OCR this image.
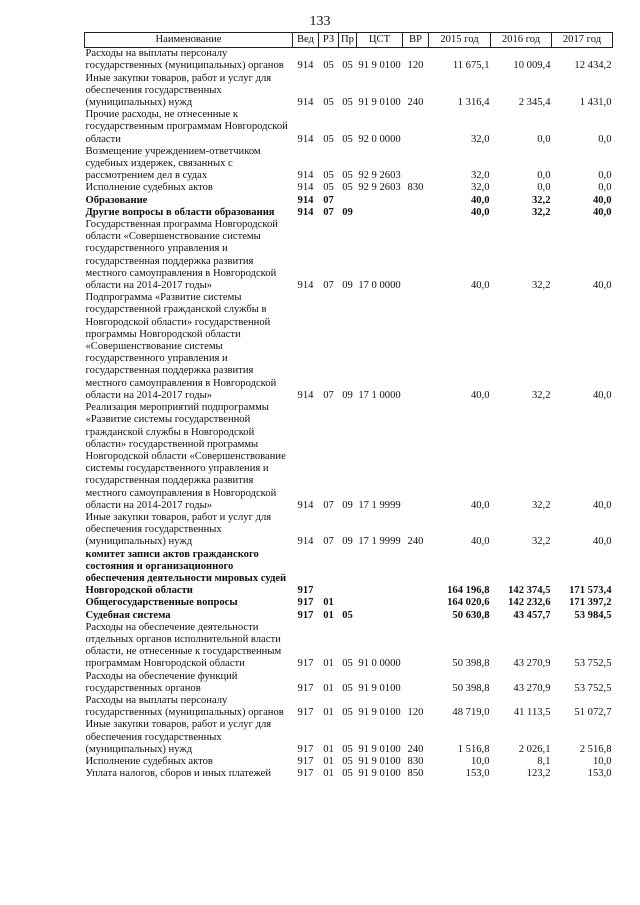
133
Наименование	Вед	РЗ	Пр	ЦСТ	ВР	2015 год	2016 год	2017 год
Расходы на выплаты персоналу государственных (муниципальных) органов	914	05	05	91 9 0100	120	11 675,1	10 009,4	12 434,2
Иные закупки товаров, работ и услуг для обеспечения государственных (муниципальных) нужд	914	05	05	91 9 0100	240	1 316,4	2 345,4	1 431,0
Прочие расходы, не отнесенные к государственным программам Новгородской области	914	05	05	92 0 0000		32,0	0,0	0,0
Возмещение учреждением-ответчиком судебных издержек, связанных с рассмотрением дел в судах	914	05	05	92 9 2603		32,0	0,0	0,0
Исполнение судебных актов	914	05	05	92 9 2603	830	32,0	0,0	0,0
Образование	914	07				40,0	32,2	40,0
Другие вопросы в области образования	914	07	09			40,0	32,2	40,0
Государственная программа Новгородской области «Совершенствование системы государственного управления и государственная поддержка развития местного самоуправления в Новгородской области на 2014-2017 годы»	914	07	09	17 0 0000		40,0	32,2	40,0
Подпрограмма «Развитие системы государственной гражданской службы в Новгородской области» государственной программы Новгородской области «Совершенствование системы государственного управления и государственная поддержка развития местного самоуправления в Новгородской области на 2014-2017 годы»	914	07	09	17 1 0000		40,0	32,2	40,0
Реализация мероприятий подпрограммы «Развитие системы государственной гражданской службы в Новгородской области» государственной программы Новгородской области «Совершенствование системы государственного управления и государственная поддержка развития местного самоуправления в Новгородской области на 2014-2017 годы»	914	07	09	17 1 9999		40,0	32,2	40,0
Иные закупки товаров, работ и услуг для обеспечения государственных (муниципальных) нужд	914	07	09	17 1 9999	240	40,0	32,2	40,0
комитет записи актов гражданского состояния и организационного обеспечения деятельности мировых судей Новгородской области	917					164 196,8	142 374,5	171 573,4
Общегосударственные вопросы	917	01				164 020,6	142 232,6	171 397,2
Судебная система	917	01	05			50 630,8	43 457,7	53 984,5
Расходы на обеспечение деятельности отдельных органов исполнительной власти области, не отнесенные к государственным программам Новгородской области	917	01	05	91 0 0000		50 398,8	43 270,9	53 752,5
Расходы на обеспечение функций государственных органов	917	01	05	91 9 0100		50 398,8	43 270,9	53 752,5
Расходы на выплаты персоналу государственных (муниципальных) органов	917	01	05	91 9 0100	120	48 719,0	41 113,5	51 072,7
Иные закупки товаров, работ и услуг для обеспечения государственных (муниципальных) нужд	917	01	05	91 9 0100	240	1 516,8	2 026,1	2 516,8
Исполнение судебных актов	917	01	05	91 9 0100	830	10,0	8,1	10,0
Уплата налогов, сборов и иных платежей	917	01	05	91 9 0100	850	153,0	123,2	153,0
